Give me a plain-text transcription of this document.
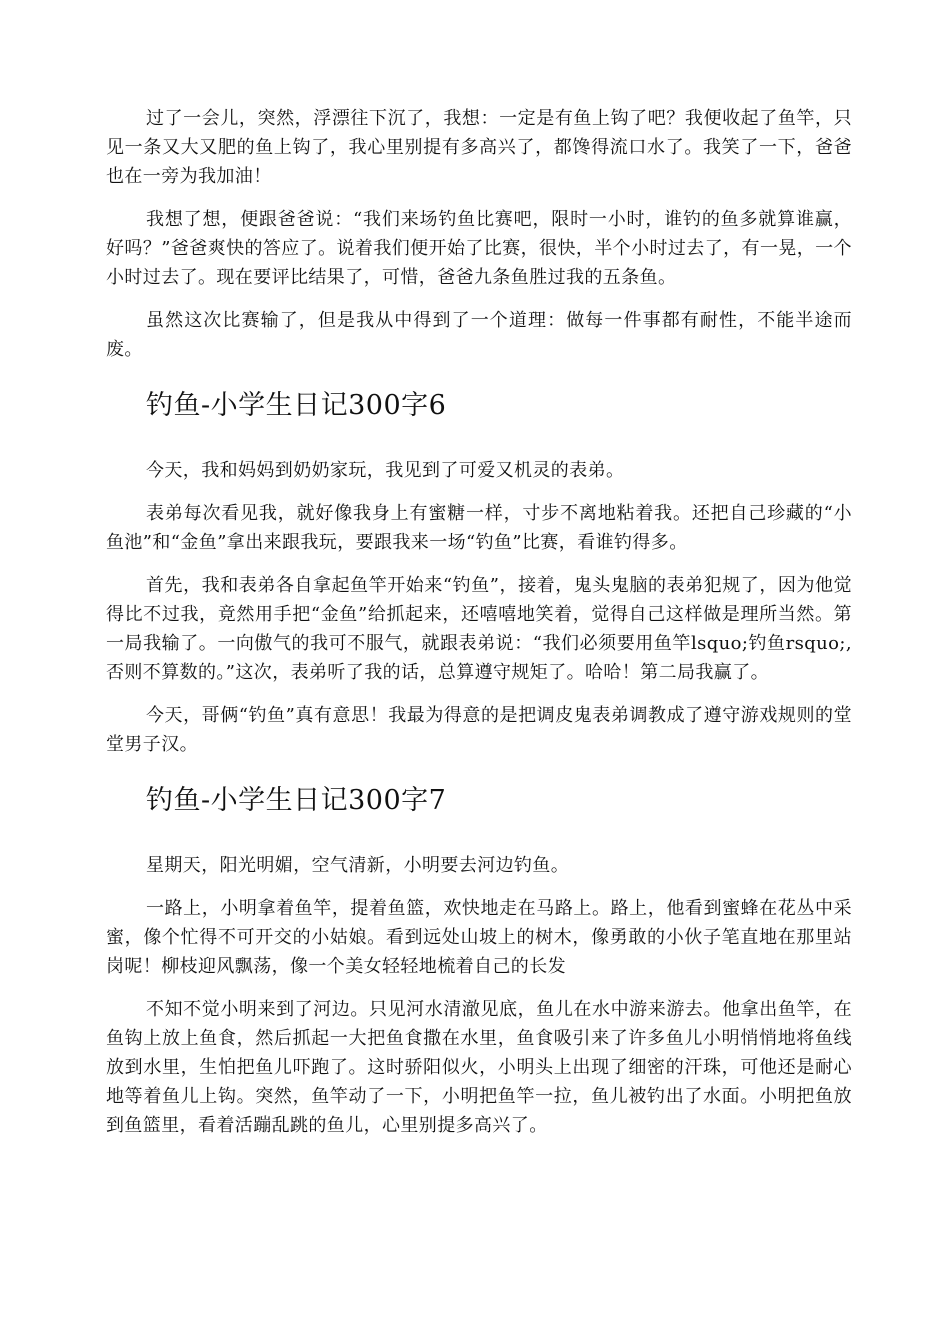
过了一会儿，突然，浮漂往下沉了，我想：一定是有鱼上钩了吧？我便收起了鱼竿，只见一条又大又肥的鱼上钩了，我心里别提有多高兴了，都馋得流口水了。我笑了一下，爸爸也在一旁为我加油！

我想了想，便跟爸爸说：“我们来场钓鱼比赛吧，限时一小时，谁钓的鱼多就算谁赢，好吗？”爸爸爽快的答应了。说着我们便开始了比赛，很快，半个小时过去了，有一晃，一个小时过去了。现在要评比结果了，可惜，爸爸九条鱼胜过我的五条鱼。

虽然这次比赛输了，但是我从中得到了一个道理：做每一件事都有耐性，不能半途而废。

钓鱼-小学生日记300字6

今天，我和妈妈到奶奶家玩，我见到了可爱又机灵的表弟。

表弟每次看见我，就好像我身上有蜜糖一样，寸步不离地粘着我。还把自己珍藏的“小鱼池”和“金鱼”拿出来跟我玩，要跟我来一场“钓鱼”比赛，看谁钓得多。

首先，我和表弟各自拿起鱼竿开始来“钓鱼”，接着，鬼头鬼脑的表弟犯规了，因为他觉得比不过我，竟然用手把“金鱼”给抓起来，还嘻嘻地笑着，觉得自己这样做是理所当然。第一局我输了。一向傲气的我可不服气，就跟表弟说：“我们必须要用鱼竿lsquo;钓鱼rsquo;,否则不算数的。”这次，表弟听了我的话，总算遵守规矩了。哈哈！第二局我赢了。

今天，哥俩“钓鱼”真有意思！我最为得意的是把调皮鬼表弟调教成了遵守游戏规则的堂堂男子汉。

钓鱼-小学生日记300字7

星期天，阳光明媚，空气清新，小明要去河边钓鱼。

一路上，小明拿着鱼竿，提着鱼篮，欢快地走在马路上。路上，他看到蜜蜂在花丛中采蜜，像个忙得不可开交的小姑娘。看到远处山坡上的树木，像勇敢的小伙子笔直地在那里站岗呢！柳枝迎风飘荡，像一个美女轻轻地梳着自己的长发

不知不觉小明来到了河边。只见河水清澈见底，鱼儿在水中游来游去。他拿出鱼竿，在鱼钩上放上鱼食，然后抓起一大把鱼食撒在水里，鱼食吸引来了许多鱼儿小明悄悄地将鱼线放到水里，生怕把鱼儿吓跑了。这时骄阳似火，小明头上出现了细密的汗珠，可他还是耐心地等着鱼儿上钩。突然，鱼竿动了一下，小明把鱼竿一拉，鱼儿被钓出了水面。小明把鱼放到鱼篮里，看着活蹦乱跳的鱼儿，心里别提多高兴了。
